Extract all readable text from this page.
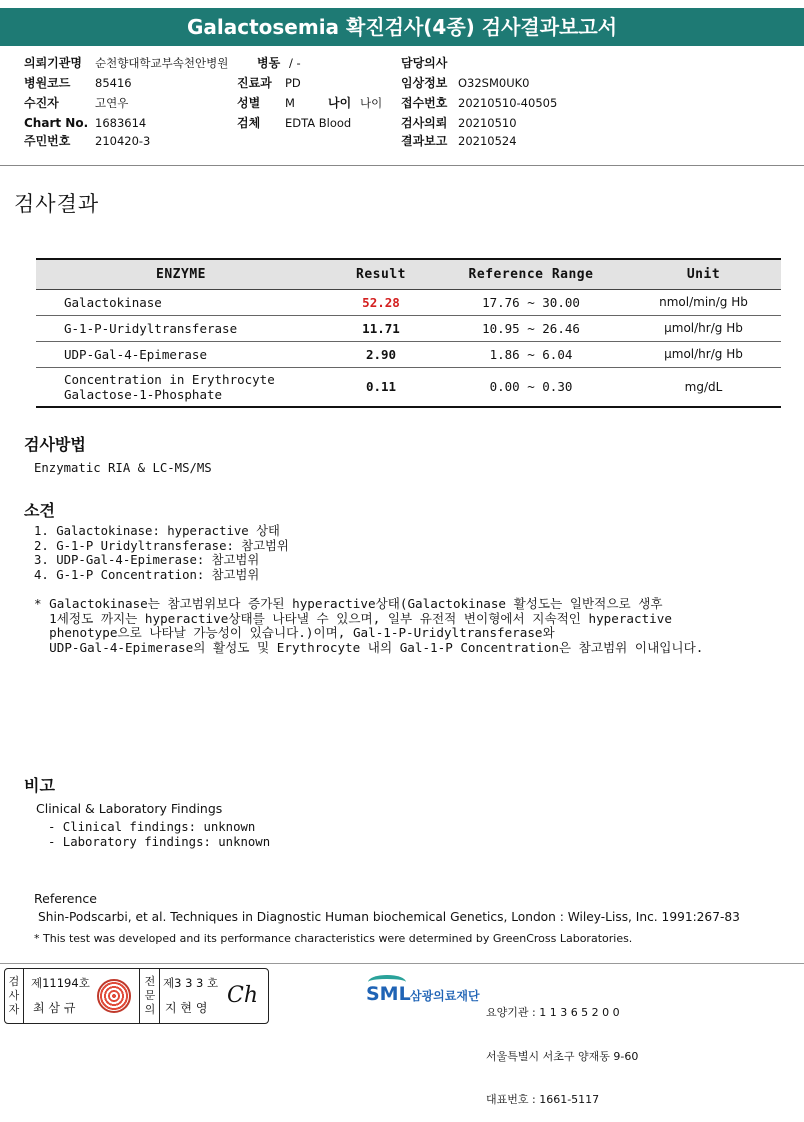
Galactosemia 확진검사(4종) 검사결과보고서
의뢰기관명 순천향대학교부속천안병원 병동 / -	담당의사
병원코드 85416	진료과 PD	임상정보 O32SM0UK0
수진자	고연우	성별 M	나이 나이 접수번호 20210510-40505
Chart No. 1683614	검체 EDTA Blood	검사의뢰 20210510
주민번호 210420-3	결과보고 20210524
검사결과
ENZYME	Result	Reference Range	Unit
Galactokinase	52.28	17.76 ~ 30.00	nmol/min/g Hb
G-1-P-Uridyltransferase	11.71	10.95 ~ 26.46	μmol/hr/g Hb
UDP-Gal-4-Epimerase	2.90	1.86 ~ 6.04	μmol/hr/g Hb

Concentration in Erythrocyte
Galactose-1-Phosphate	0.11	0.00 ~ 0.30	mg/dL
검사방법
Enzymatic RIA & LC-MS/MS
소견
1. Galactokinase: hyperactive 상태
2. G-1-P Uridyltransferase: 참고범위
3. UDP-Gal-4-Epimerase: 참고범위
4. G-1-P Concentration: 참고범위
* Galactokinase는 참고범위보다 증가된 hyperactive상태(Galactokinase 활성도는 일반적으로 생후
1세정도 까지는 hyperactive상태를 나타낼 수 있으며, 일부 유전적 변이형에서 지속적인 hyperactive
phenotype으로 나타날 가능성이 있습니다.)이며, Gal-1-P-Uridyltransferase와
UDP-Gal-4-Epimerase의 활성도 및 Erythrocyte 내의 Gal-1-P Concentration은 참고범위 이내입니다.
비고
Clinical & Laboratory Findings
- Clinical findings: unknown
- Laboratory findings: unknown
Reference
Shin-Podscarbi, et al. Techniques in Diagnostic Human biochemical Genetics, London : Wiley-Liss, Inc. 1991:267-83
* This test was developed and its performance characteristics were determined by GreenCross Laboratories.
검
사
자
제11194호
최 삼 규
전
문
의
제3 3 3 호
지 현 영 Ch	SML 삼광의료재단

요양기관 : 1 1 3 6 5 2 0 0

서울특별시 서초구 양재동 9-60

대표번호 : 1661-5117
